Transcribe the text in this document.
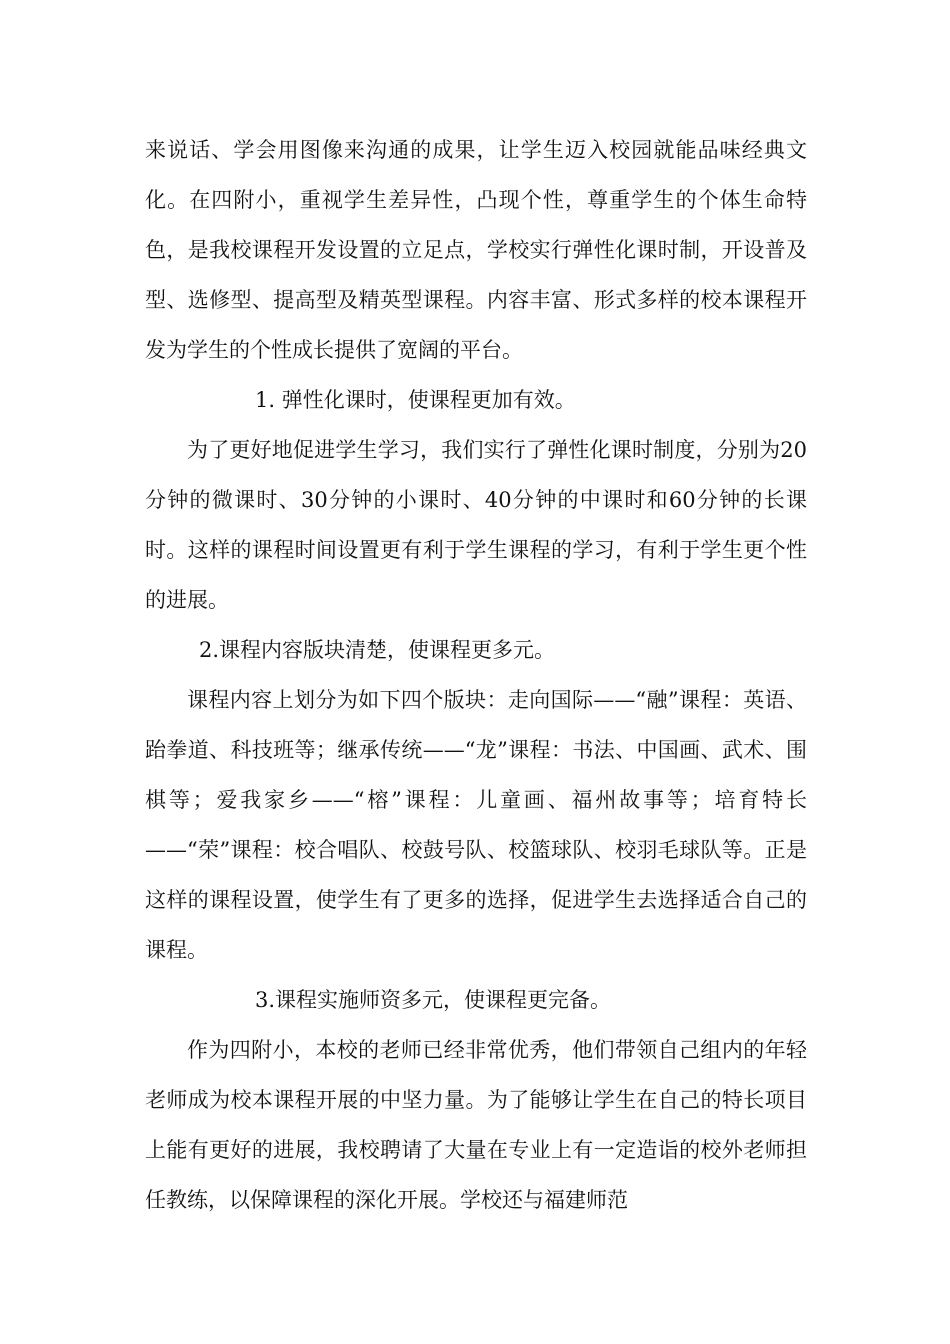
来说话、学会用图像来沟通的成果，让学生迈入校园就能品味经典文化。在四附小，重视学生差异性，凸现个性，尊重学生的个体生命特色，是我校课程开发设置的立足点，学校实行弹性化课时制，开设普及型、选修型、提高型及精英型课程。内容丰富、形式多样的校本课程开发为学生的个性成长提供了宽阔的平台。

1. 弹性化课时，使课程更加有效。

为了更好地促进学生学习，我们实行了弹性化课时制度，分别为20分钟的微课时、30分钟的小课时、40分钟的中课时和60分钟的长课时。这样的课程时间设置更有利于学生课程的学习，有利于学生更个性的进展。

2.课程内容版块清楚，使课程更多元。

课程内容上划分为如下四个版块：走向国际——“融”课程：英语、跆拳道、科技班等；继承传统——“龙”课程：书法、中国画、武术、围棋等；爱我家乡——“榕”课程：儿童画、福州故事等；培育特长——“荣”课程：校合唱队、校鼓号队、校篮球队、校羽毛球队等。正是这样的课程设置，使学生有了更多的选择，促进学生去选择适合自己的课程。

3.课程实施师资多元，使课程更完备。

作为四附小，本校的老师已经非常优秀，他们带领自己组内的年轻老师成为校本课程开展的中坚力量。为了能够让学生在自己的特长项目上能有更好的进展，我校聘请了大量在专业上有一定造诣的校外老师担任教练，以保障课程的深化开展。学校还与福建师范
